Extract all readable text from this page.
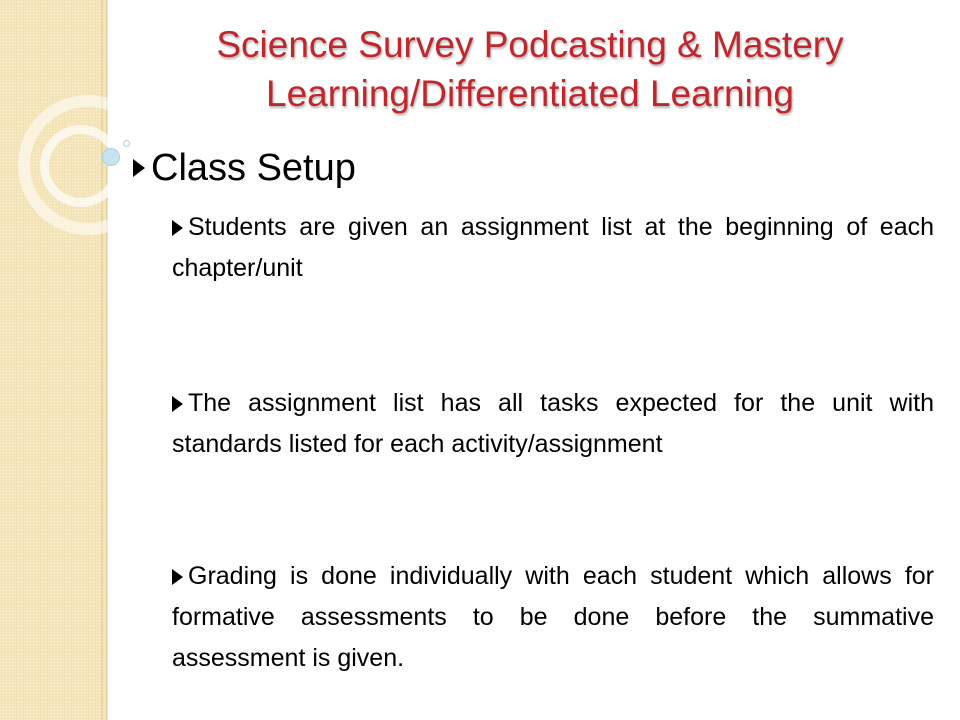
Science Survey Podcasting & Mastery
Learning/Differentiated Learning
Class Setup

Students are given an assignment list at the beginning of each chapter/unit

The assignment list has all tasks expected for the unit with standards listed for each activity/assignment

Grading is done individually with each student which allows for formative assessments to be done before the summative assessment is given.
